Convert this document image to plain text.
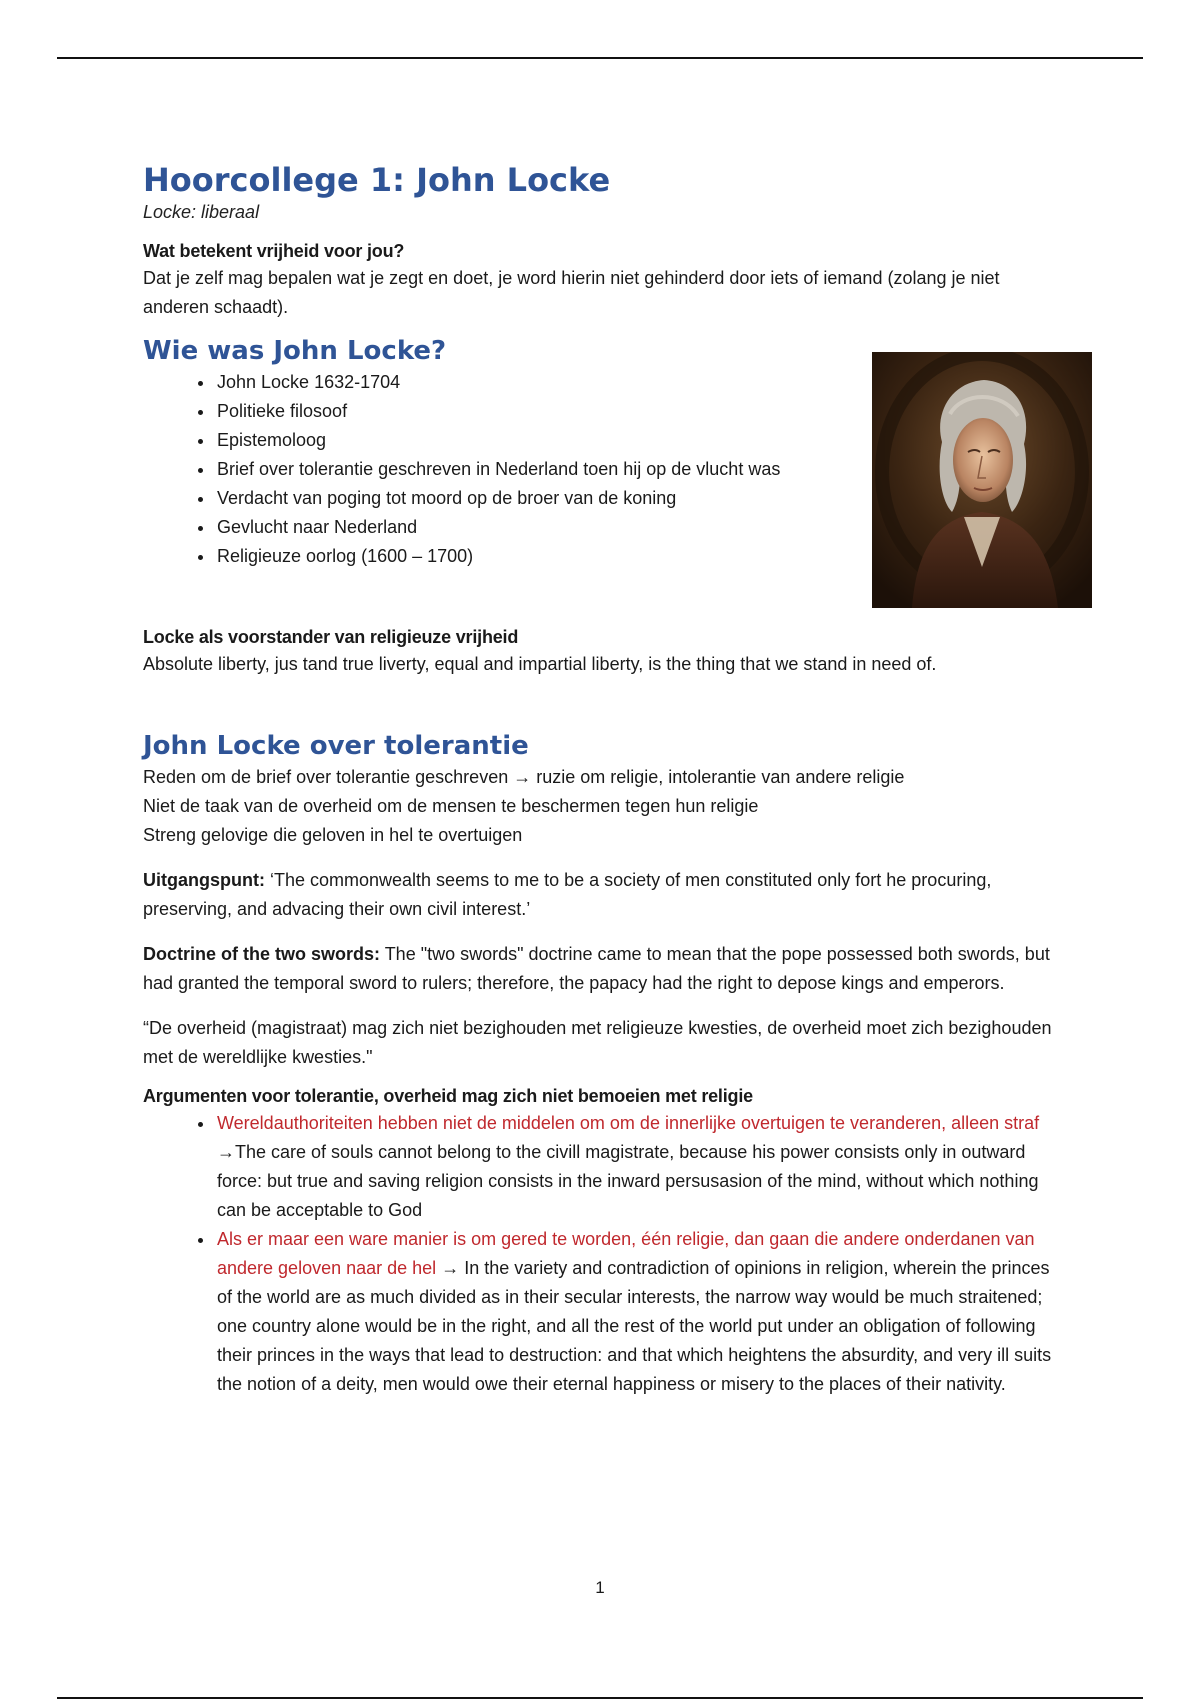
Hoorcollege 1: John Locke
Locke: liberaal
Wat betekent vrijheid voor jou?

Dat je zelf mag bepalen wat je zegt en doet, je word hierin niet gehinderd door iets of iemand (zolang je niet anderen schaadt).

Wie was John Locke?
• John Locke 1632-1704
• Politieke filosoof
• Epistemoloog
• Brief over tolerantie geschreven in Nederland toen hij op de vlucht was
• Verdacht van poging tot moord op de broer van de koning
• Gevlucht naar Nederland
• Religieuze oorlog (1600 – 1700)
Locke als voorstander van religieuze vrijheid

Absolute liberty, jus tand true liverty, equal and impartial liberty, is the thing that we stand in need of.

John Locke over tolerantie

Reden om de brief over tolerantie geschreven → ruzie om religie, intolerantie van andere religie

Niet de taak van de overheid om de mensen te beschermen tegen hun religie

Streng gelovige die geloven in hel te overtuigen

Uitgangspunt: ‘The commonwealth seems to me to be a society of men constituted only fort he procuring, preserving, and advacing their own civil interest.’

Doctrine of the two swords: The "two swords" doctrine came to mean that the pope possessed both swords, but had granted the temporal sword to rulers; therefore, the papacy had the right to depose kings and emperors.

“De overheid (magistraat) mag zich niet bezighouden met religieuze kwesties, de overheid moet zich bezighouden met de wereldlijke kwesties."

Argumenten voor tolerantie, overheid mag zich niet bemoeien met religie
• Wereldauthoriteiten hebben niet de middelen om om de innerlijke overtuigen te veranderen, alleen straf →The care of souls cannot belong to the civill magistrate, because his power consists only in outward force: but true and saving religion consists in the inward persusasion of the mind, without which nothing can be acceptable to God
• Als er maar een ware manier is om gered te worden, één religie, dan gaan die andere onderdanen van andere geloven naar de hel → In the variety and contradiction of opinions in religion, wherein the princes of the world are as much divided as in their secular interests, the narrow way would be much straitened; one country alone would be in the right, and all the rest of the world put under an obligation of following their princes in the ways that lead to destruction: and that which heightens the absurdity, and very ill suits the notion of a deity, men would owe their eternal happiness or misery to the places of their nativity.
1
